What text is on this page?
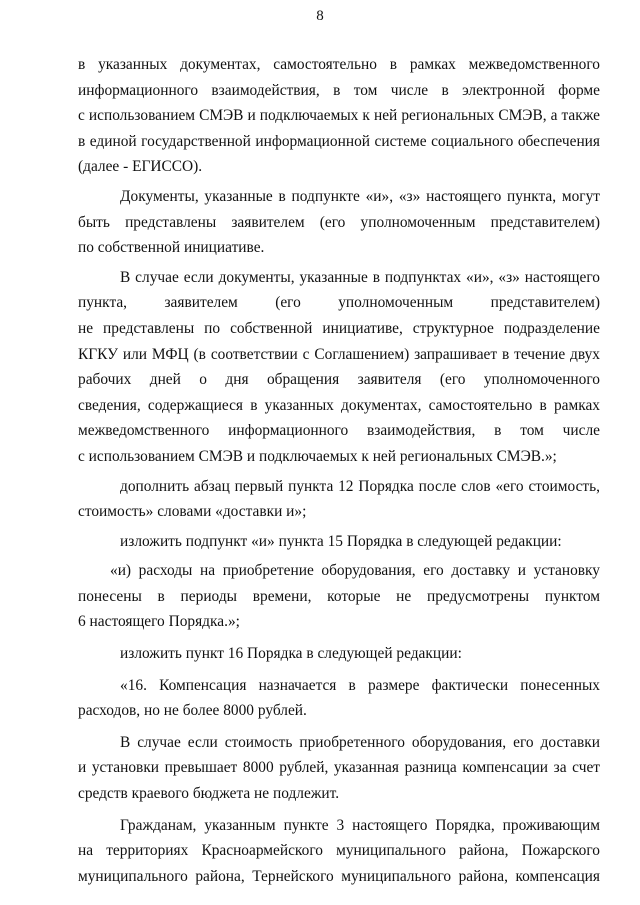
8
в указанных документах, самостоятельно в рамках межведомственного
информационного взаимодействия, в том числе в электронной форме
с использованием СМЭВ и подключаемых к ней региональных СМЭВ, а также
в единой государственной информационной системе социального обеспечения
(далее - ЕГИССО).
Документы, указанные в подпункте «и», «з» настоящего пункта, могут
быть представлены заявителем (его уполномоченным представителем)
по собственной инициативе.
В случае если документы, указанные в подпунктах «и», «з» настоящего
пункта, заявителем (его уполномоченным представителем)
не представлены по собственной инициативе, структурное подразделение
КГКУ или МФЦ (в соответствии с Соглашением) запрашивает в течение двух
рабочих дней о дня обращения заявителя (его уполномоченного
сведения, содержащиеся в указанных документах, самостоятельно в рамках
межведомственного информационного взаимодействия, в том числе
с использованием СМЭВ и подключаемых к ней региональных СМЭВ.»;
дополнить абзац первый пункта 12 Порядка после слов «его стоимость,
стоимость» словами «доставки и»;
изложить подпункт «и» пункта 15 Порядка в следующей редакции:
«и) расходы на приобретение оборудования, его доставку и установку
понесены в периоды времени, которые не предусмотрены пунктом
6 настоящего Порядка.»;
изложить пункт 16 Порядка в следующей редакции:
«16. Компенсация назначается в размере фактически понесенных
расходов, но не более 8000 рублей.
В случае если стоимость приобретенного оборудования, его доставки
и установки превышает 8000 рублей, указанная разница компенсации за счет
средств краевого бюджета не подлежит.
Гражданам, указанным пункте 3 настоящего Порядка, проживающим
на территориях Красноармейского муниципального района, Пожарского
муниципального района, Тернейского муниципального района, компенсация
